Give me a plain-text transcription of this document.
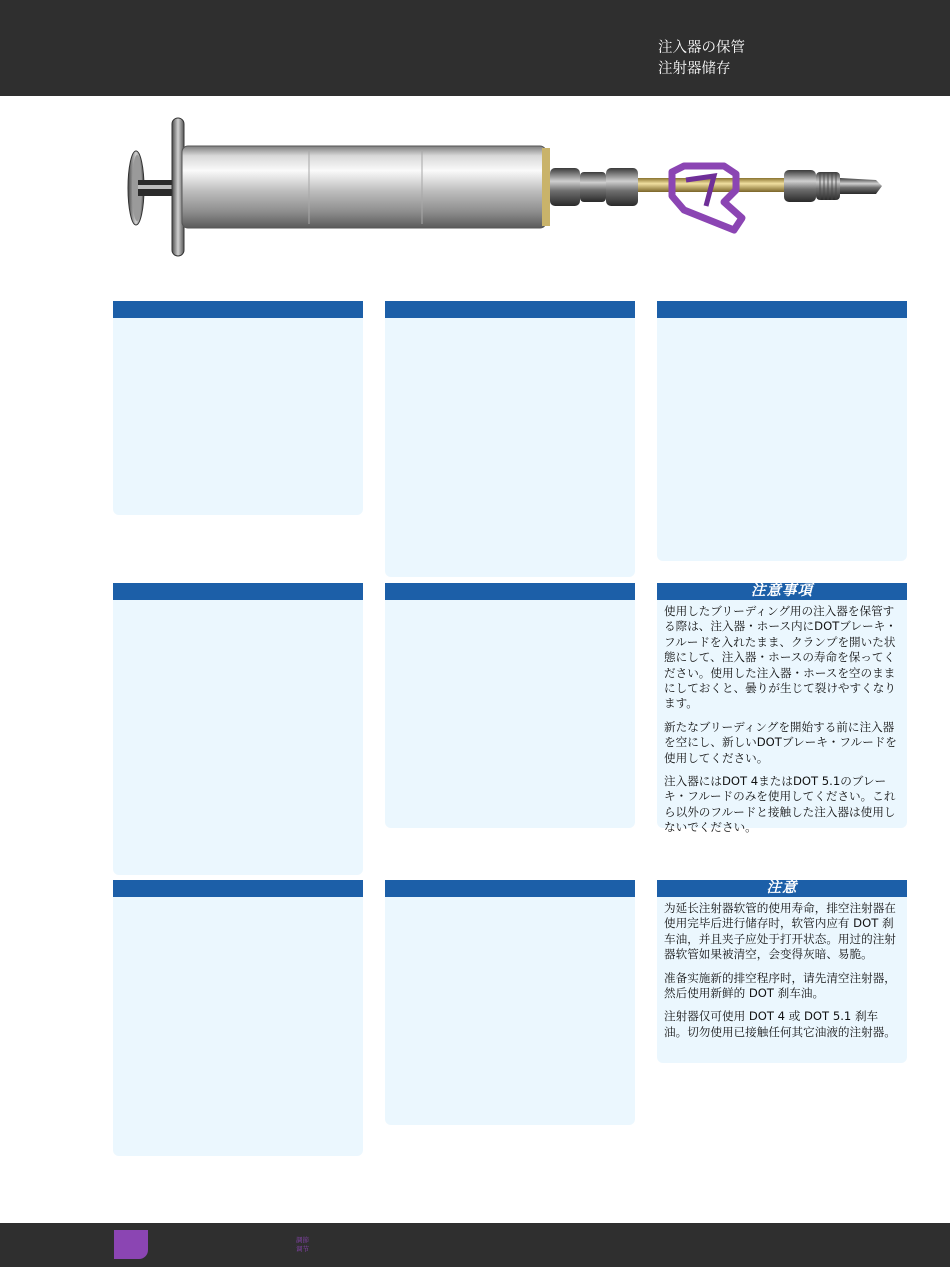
注入器の保管
注射器储存
注意事項

使用したブリーディング用の注入器を保管する際は、注入器・ホース内にDOTブレーキ・フルードを入れたまま、クランプを開いた状態にして、注入器・ホースの寿命を保ってください。使用した注入器・ホースを空のままにしておくと、曇りが生じて裂けやすくなります。

新たなブリーディングを開始する前に注入器を空にし、新しいDOTブレーキ・フルードを使用してください。

注入器にはDOT 4またはDOT 5.1のブレーキ・フルードのみを使用してください。これら以外のフルードと接触した注入器は使用しないでください。

注意

为延长注射器软管的使用寿命，排空注射器在使用完毕后进行储存时，软管内应有 DOT 刹车油，并且夹子应处于打开状态。用过的注射器软管如果被清空，会变得灰暗、易脆。

准备实施新的排空程序时，请先清空注射器，然后使用新鲜的 DOT 刹车油。

注射器仅可使用 DOT 4 或 DOT 5.1 刹车油。切勿使用已接触任何其它油液的注射器。

調節
调节
